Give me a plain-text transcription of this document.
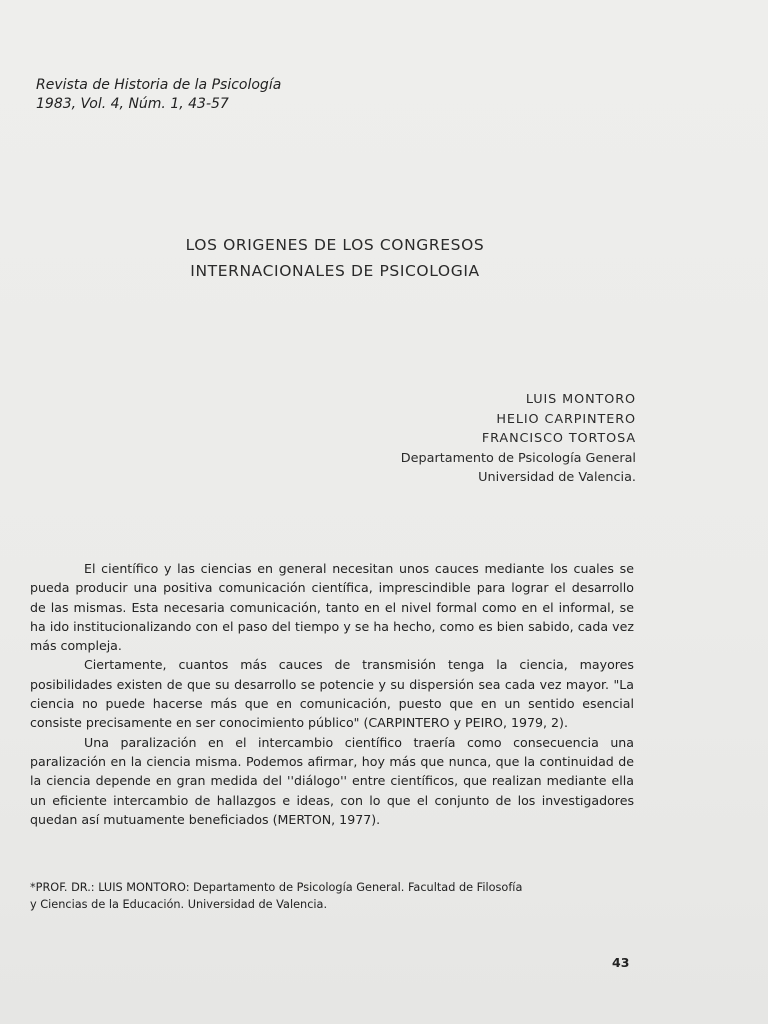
Revista de Historia de la Psicología
1983, Vol. 4, Núm. 1, 43-57
LOS ORIGENES DE LOS CONGRESOS
INTERNACIONALES DE PSICOLOGIA
LUIS MONTORO
HELIO CARPINTERO
FRANCISCO TORTOSA
Departamento de Psicología General
Universidad de Valencia.

El científico y las ciencias en general necesitan unos cauces mediante los cuales se pueda producir una positiva comunicación científica, imprescindible para lograr el desarrollo de las mismas. Esta necesaria comunicación, tanto en el nivel formal como en el informal, se ha ido institucionalizando con el paso del tiempo y se ha hecho, como es bien sabido, cada vez más compleja.

Ciertamente, cuantos más cauces de transmisión tenga la ciencia, mayores posibilidades existen de que su desarrollo se potencie y su dispersión sea cada vez mayor. "La ciencia no puede hacerse más que en comunicación, puesto que en un sentido esencial consiste precisamente en ser conocimiento público" (CARPINTERO y PEIRO, 1979, 2).

Una paralización en el intercambio científico traería como consecuencia una paralización en la ciencia misma. Podemos afirmar, hoy más que nunca, que la continuidad de la ciencia depende en gran medida del ''diálogo'' entre científicos, que realizan mediante ella un eficiente intercambio de hallazgos e ideas, con lo que el conjunto de los investigadores quedan así mutuamente beneficiados (MERTON, 1977).

*PROF. DR.: LUIS MONTORO: Departamento de Psicología General. Facultad de Filosofía
y Ciencias de la Educación. Universidad de Valencia.
43
